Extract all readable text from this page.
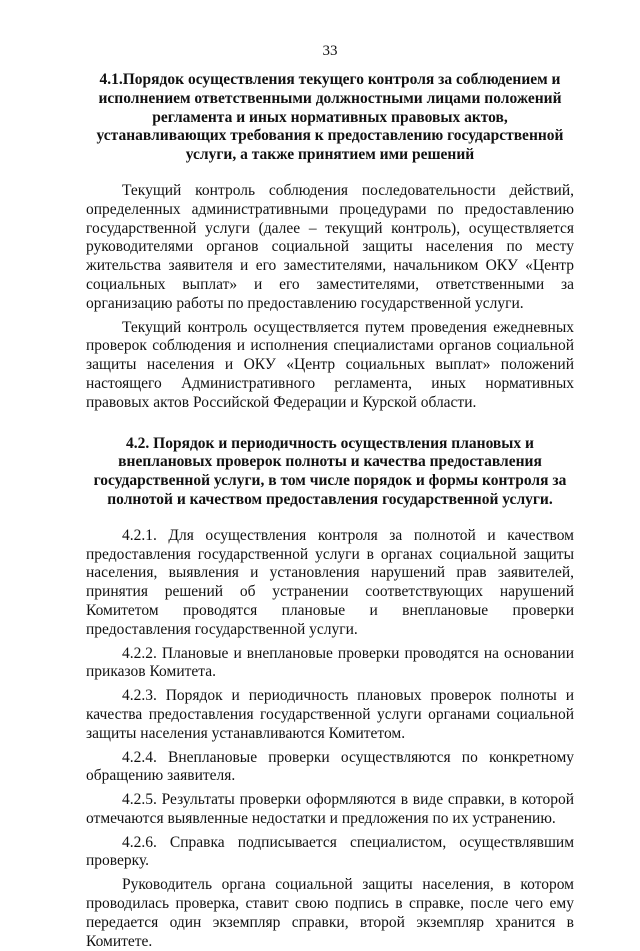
33
4.1.Порядок осуществления текущего контроля за соблюдением и исполнением ответственными должностными лицами положений регламента и иных нормативных правовых актов, устанавливающих требования к предоставлению государственной услуги, а также принятием ими решений

Текущий контроль соблюдения последовательности действий, определенных административными процедурами по предоставлению государственной услуги (далее – текущий контроль), осуществляется руководителями органов социальной защиты населения по месту жительства заявителя и его заместителями, начальником ОКУ «Центр социальных выплат» и его заместителями, ответственными за организацию работы по предоставлению государственной услуги.

Текущий контроль осуществляется путем проведения ежедневных проверок соблюдения и исполнения специалистами органов социальной защиты населения и ОКУ «Центр социальных выплат» положений настоящего Административного регламента, иных нормативных правовых актов Российской Федерации и Курской области.

4.2. Порядок и периодичность осуществления плановых и внеплановых проверок полноты и качества предоставления государственной услуги, в том числе порядок и формы контроля за полнотой и качеством предоставления государственной услуги.

4.2.1. Для осуществления контроля за полнотой и качеством предоставления государственной услуги в органах социальной защиты населения, выявления и установления нарушений прав заявителей, принятия решений об устранении соответствующих нарушений Комитетом проводятся плановые и внеплановые проверки предоставления государственной услуги.

4.2.2. Плановые и внеплановые проверки проводятся на основании приказов Комитета.

4.2.3. Порядок и периодичность плановых проверок полноты и качества предоставления государственной услуги органами социальной защиты населения устанавливаются Комитетом.

4.2.4. Внеплановые проверки осуществляются по конкретному обращению заявителя.

4.2.5. Результаты проверки оформляются в виде справки, в которой отмечаются выявленные недостатки и предложения по их устранению.

4.2.6. Справка подписывается специалистом, осуществлявшим проверку.

Руководитель органа социальной защиты населения, в котором проводилась проверка, ставит свою подпись в справке, после чего ему передается один экземпляр справки, второй экземпляр хранится в Комитете.
